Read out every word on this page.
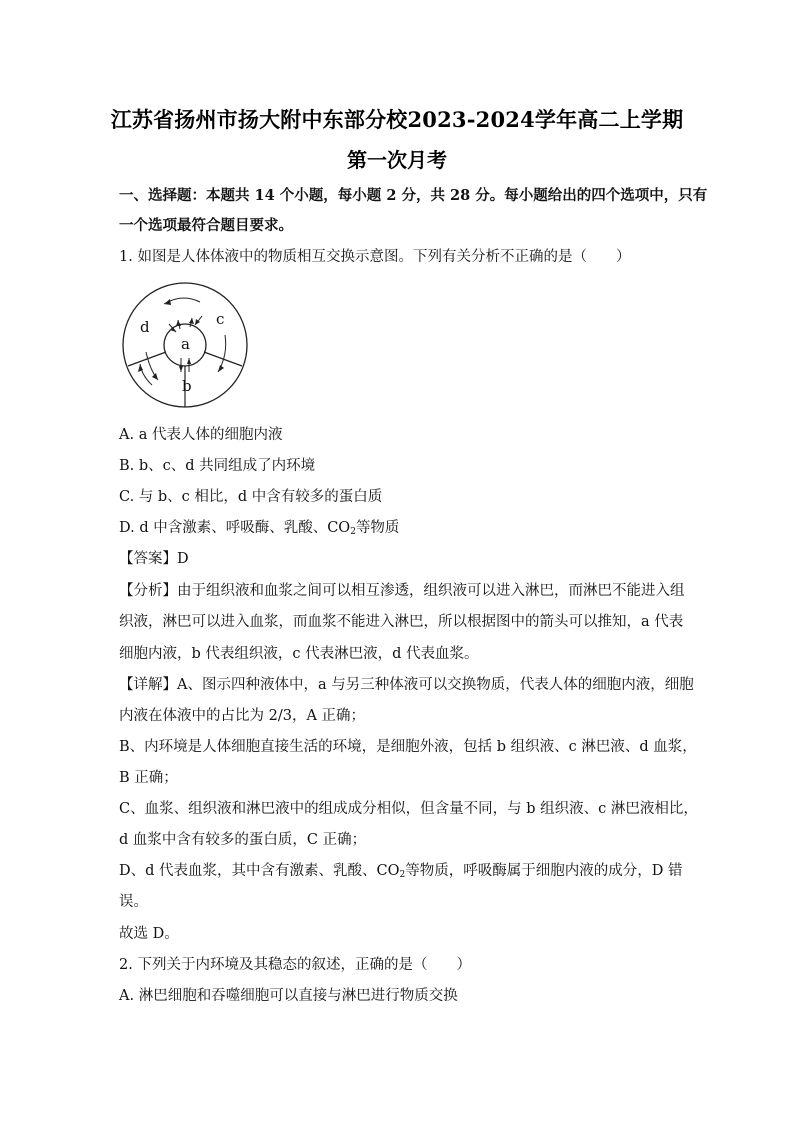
江苏省扬州市扬大附中东部分校2023-2024学年高二上学期
第一次月考
一、选择题：本题共 14 个小题，每小题 2 分，共 28 分。每小题给出的四个选项中，只有
一个选项最符合题目要求。
1. 如图是人体体液中的物质相互交换示意图。下列有关分析不正确的是（　　）
a
b
c
d
A. a 代表人体的细胞内液
B. b、c、d 共同组成了内环境
C. 与 b、c 相比，d 中含有较多的蛋白质
D. d 中含激素、呼吸酶、乳酸、$CO_2$等物质
【答案】D
【分析】由于组织液和血浆之间可以相互渗透，组织液可以进入淋巴，而淋巴不能进入组
织液，淋巴可以进入血浆，而血浆不能进入淋巴，所以根据图中的箭头可以推知，a 代表
细胞内液，b 代表组织液，c 代表淋巴液，d 代表血浆。
【详解】A、图示四种液体中，a 与另三种体液可以交换物质，代表人体的细胞内液，细胞
内液在体液中的占比为 2/3，A 正确；
B、内环境是人体细胞直接生活的环境，是细胞外液，包括 b 组织液、c 淋巴液、d 血浆，
B 正确；
C、血浆、组织液和淋巴液中的组成成分相似，但含量不同，与 b 组织液、c 淋巴液相比，
d 血浆中含有较多的蛋白质，C 正确；
D、d 代表血浆，其中含有激素、乳酸、$CO_2$等物质，呼吸酶属于细胞内液的成分，D 错
误。
故选 D。
2. 下列关于内环境及其稳态的叙述，正确的是（　　）
A. 淋巴细胞和吞噬细胞可以直接与淋巴进行物质交换
